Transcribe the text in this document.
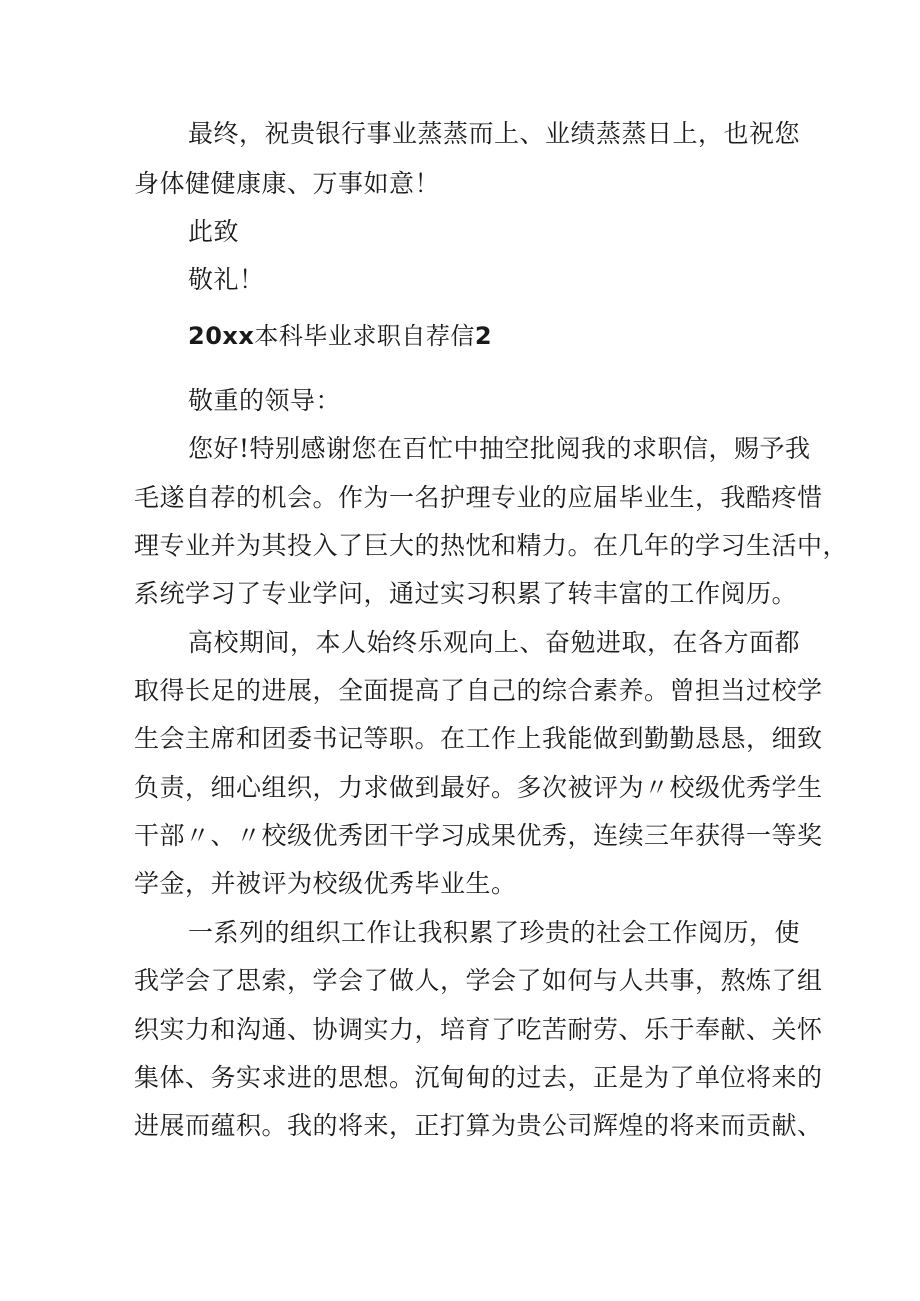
最终，祝贵银行事业蒸蒸而上、业绩蒸蒸日上，也祝您
身体健健康康、万事如意！
此致
敬礼！
20xx本科毕业求职自荐信2
敬重的领导：
您好!特别感谢您在百忙中抽空批阅我的求职信，赐予我
毛遂自荐的机会。作为一名护理专业的应届毕业生，我酷疼惜
理专业并为其投入了巨大的热忱和精力。在几年的学习生活中，
系统学习了专业学问，通过实习积累了转丰富的工作阅历。
高校期间，本人始终乐观向上、奋勉进取，在各方面都
取得长足的进展，全面提高了自己的综合素养。曾担当过校学
生会主席和团委书记等职。在工作上我能做到勤勤恳恳，细致
负责，细心组织，力求做到最好。多次被评为〃校级优秀学生
干部〃、〃校级优秀团干学习成果优秀，连续三年获得一等奖
学金，并被评为校级优秀毕业生。
一系列的组织工作让我积累了珍贵的社会工作阅历，使
我学会了思索，学会了做人，学会了如何与人共事，熬炼了组
织实力和沟通、协调实力，培育了吃苦耐劳、乐于奉献、关怀
集体、务实求进的思想。沉甸甸的过去，正是为了单位将来的
进展而蕴积。我的将来，正打算为贵公司辉煌的将来而贡献、
